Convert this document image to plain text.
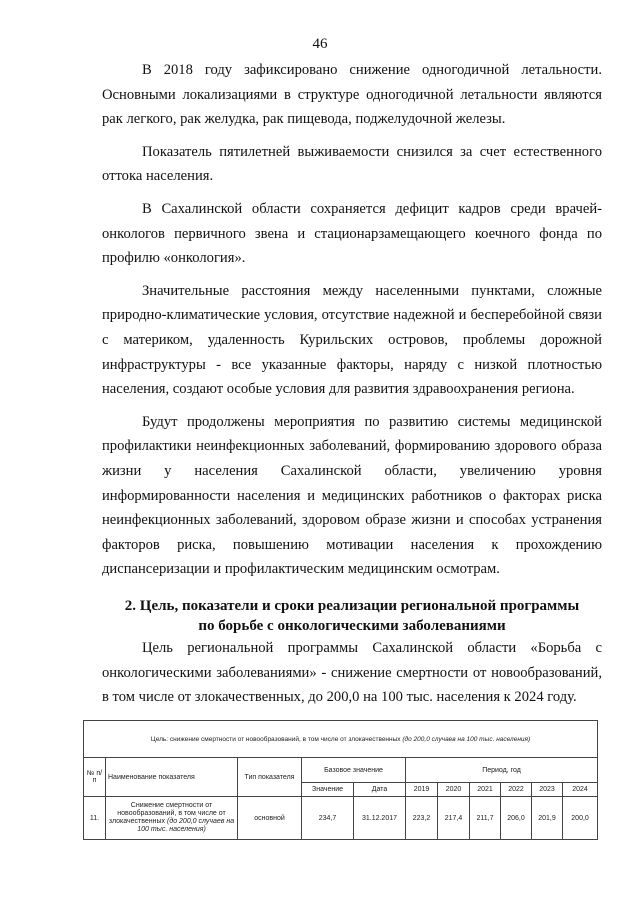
46

В 2018 году зафиксировано снижение одногодичной летальности. Основными локализациями в структуре одногодичной летальности являются рак легкого, рак желудка, рак пищевода, поджелудочной железы.

Показатель пятилетней выживаемости снизился за счет естественного оттока населения.

В Сахалинской области сохраняется дефицит кадров среди врачей-онкологов первичного звена и стационарзамещающего коечного фонда по профилю «онкология».

Значительные расстояния между населенными пунктами, сложные природно-климатические условия, отсутствие надежной и бесперебойной связи с материком, удаленность Курильских островов, проблемы дорожной инфраструктуры - все указанные факторы, наряду с низкой плотностью населения, создают особые условия для развития здравоохранения региона.

Будут продолжены мероприятия по развитию системы медицинской профилактики неинфекционных заболеваний, формированию здорового образа жизни у населения Сахалинской области, увеличению уровня информированности населения и медицинских работников о факторах риска неинфекционных заболеваний, здоровом образе жизни и способах устранения факторов риска, повышению мотивации населения к прохождению диспансеризации и профилактическим медицинским осмотрам.

2. Цель, показатели и сроки реализации региональной программы
по борьбе с онкологическими заболеваниями

Цель региональной программы Сахалинской области «Борьба с онкологическими заболеваниями» - снижение смертности от новообразований, в том числе от злокачественных, до 200,0 на 100 тыс. населения к 2024 году.

Цель: снижение смертности от новообразований, в том числе от злокачественных (до 200,0 случаев на 100 тыс. населения)										
№ п/п	Наименование показателя	Тип показателя	Базовое значение		Период, год					
			Значение	Дата	2019	2020	2021	2022	2023	2024
11.	Снижение смертности от новообразований, в том числе от злокачественных (до 200,0 случаев на 100 тыс. населения)	основной	234,7	31.12.2017	223,2	217,4	211,7	206,0	201,9	200,0
